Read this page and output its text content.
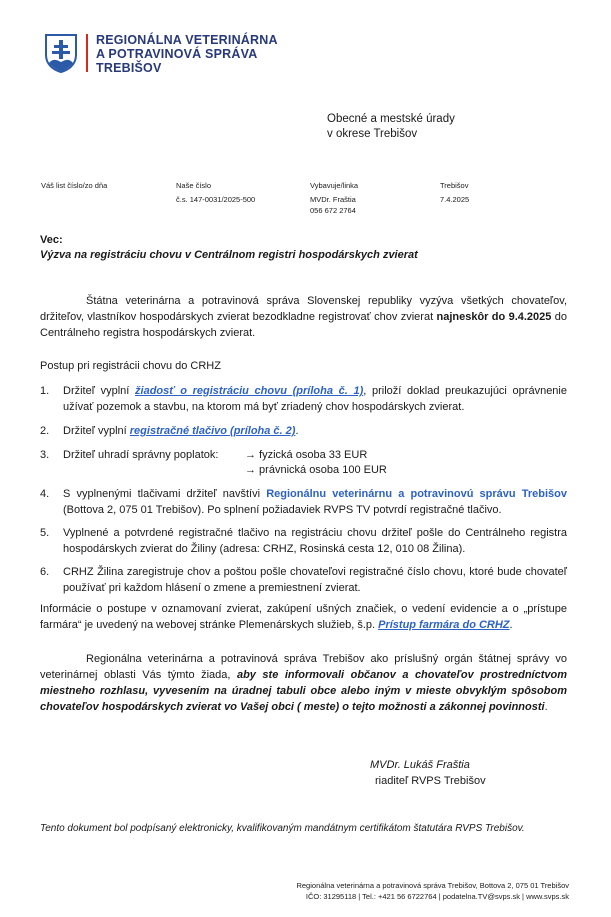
REGIONÁLNA VETERINÁRNA
A POTRAVINOVÁ SPRÁVA
TREBIŠOV
Obecné a mestské úrady
v okrese Trebišov
Váš list číslo/zo dňa	Naše číslo
č.s. 147-0031/2025-500
Vybavuje/linka
MVDr. Fraštia
056 672 2764
Trebišov
7.4.2025
Vec:
Výzva na registráciu chovu v Centrálnom registri hospodárskych zvierat
Štátna veterinárna a potravinová správa Slovenskej republiky vyzýva všetkých chovateľov, držiteľov, vlastníkov hospodárskych zvierat bezodkladne registrovať chov zvierat najneskôr do 9.4.2025 do Centrálneho registra hospodárskych zvierat.
Postup pri registrácii chovu do CRHZ
1. Držiteľ vyplní žiadosť o registráciu chovu (príloha č. 1), priloží doklad preukazujúci oprávnenie užívať pozemok a stavbu, na ktorom má byť zriadený chov hospodárskych zvierat.
2. Držiteľ vyplní registračné tlačivo (príloha č. 2).
3. Držiteľ uhradí správny poplatok: → fyzická osoba 33 EUR
→ právnická osoba 100 EUR
4. S vyplnenými tlačivami držiteľ navštívi Regionálnu veterinárnu a potravinovú správu Trebišov (Bottova 2, 075 01 Trebišov). Po splnení požiadaviek RVPS TV potvrdí registračné tlačivo.
5. Vyplnené a potvrdené registračné tlačivo na registráciu chovu držiteľ pošle do Centrálneho registra hospodárskych zvierat do Žiliny (adresa: CRHZ, Rosinská cesta 12, 010 08 Žilina).
6. CRHZ Žilina zaregistruje chov a poštou pošle chovateľovi registračné číslo chovu, ktoré bude chovateľ používať pri každom hlásení o zmene a premiestnení zvierat.
Informácie o postupe v oznamovaní zvierat, zakúpení ušných značiek, o vedení evidencie a o „prístupe farmára“ je uvedený na webovej stránke Plemenárskych služieb, š.p. Prístup farmára do CRHZ.
Regionálna veterinárna a potravinová správa Trebišov ako príslušný orgán štátnej správy vo veterinárnej oblasti Vás týmto žiada, aby ste informovali občanov a chovateľov prostredníctvom miestneho rozhlasu, vyvesením na úradnej tabuli obce alebo iným v mieste obvyklým spôsobom chovateľov hospodárskych zvierat vo Vašej obci ( meste) o tejto možnosti a zákonnej povinnosti.
MVDr. Lukáš Fraštia
riaditeľ RVPS Trebišov
Tento dokument bol podpísaný elektronicky, kvalifikovaným mandátnym certifikátom štatutára RVPS Trebišov.
Regionálna veterinárna a potravinová správa Trebišov, Bottova 2, 075 01 Trebišov
IČO: 31295118 | Tel.: +421 56 6722764 | podatelna.TV@svps.sk | www.svps.sk
